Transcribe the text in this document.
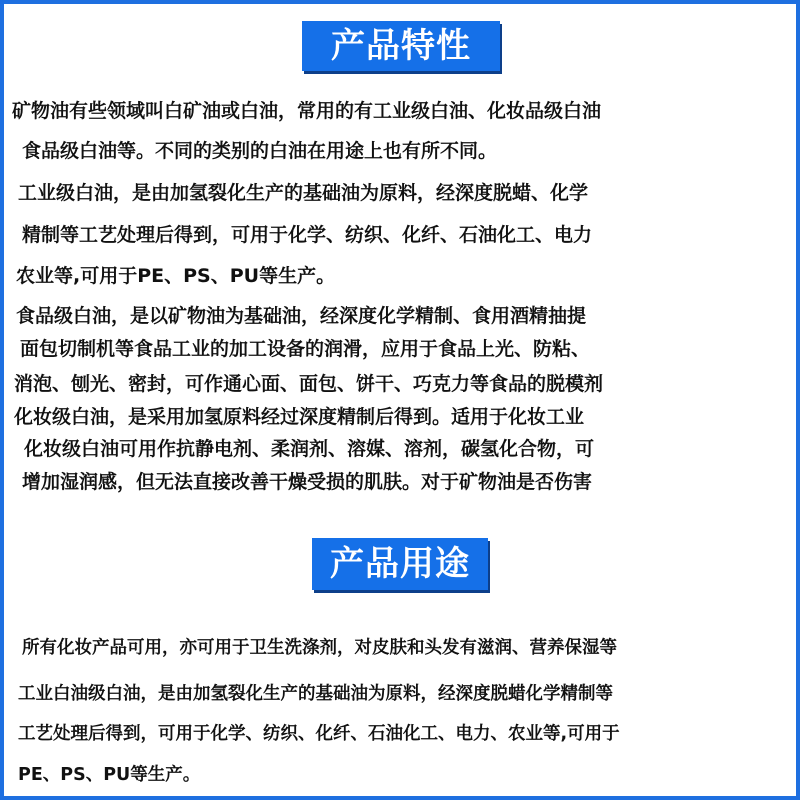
产品特性
矿物油有些领域叫白矿油或白油，常用的有工业级白油、化妆品级白油
食品级白油等。不同的类别的白油在用途上也有所不同。
工业级白油，是由加氢裂化生产的基础油为原料，经深度脱蜡、化学
精制等工艺处理后得到，可用于化学、纺织、化纤、石油化工、电力
农业等,可用于PE、PS、PU等生产。
食品级白油，是以矿物油为基础油，经深度化学精制、食用酒精抽提
面包切制机等食品工业的加工设备的润滑，应用于食品上光、防粘、
消泡、刨光、密封，可作通心面、面包、饼干、巧克力等食品的脱模剂
化妆级白油，是采用加氢原料经过深度精制后得到。适用于化妆工业
化妆级白油可用作抗静电剂、柔润剂、溶媒、溶剂，碳氢化合物，可
增加湿润感，但无法直接改善干燥受损的肌肤。对于矿物油是否伤害
产品用途
所有化妆产品可用，亦可用于卫生洗涤剂，对皮肤和头发有滋润、营养保湿等
工业白油级白油，是由加氢裂化生产的基础油为原料，经深度脱蜡化学精制等
工艺处理后得到，可用于化学、纺织、化纤、石油化工、电力、农业等,可用于
PE、PS、PU等生产。
